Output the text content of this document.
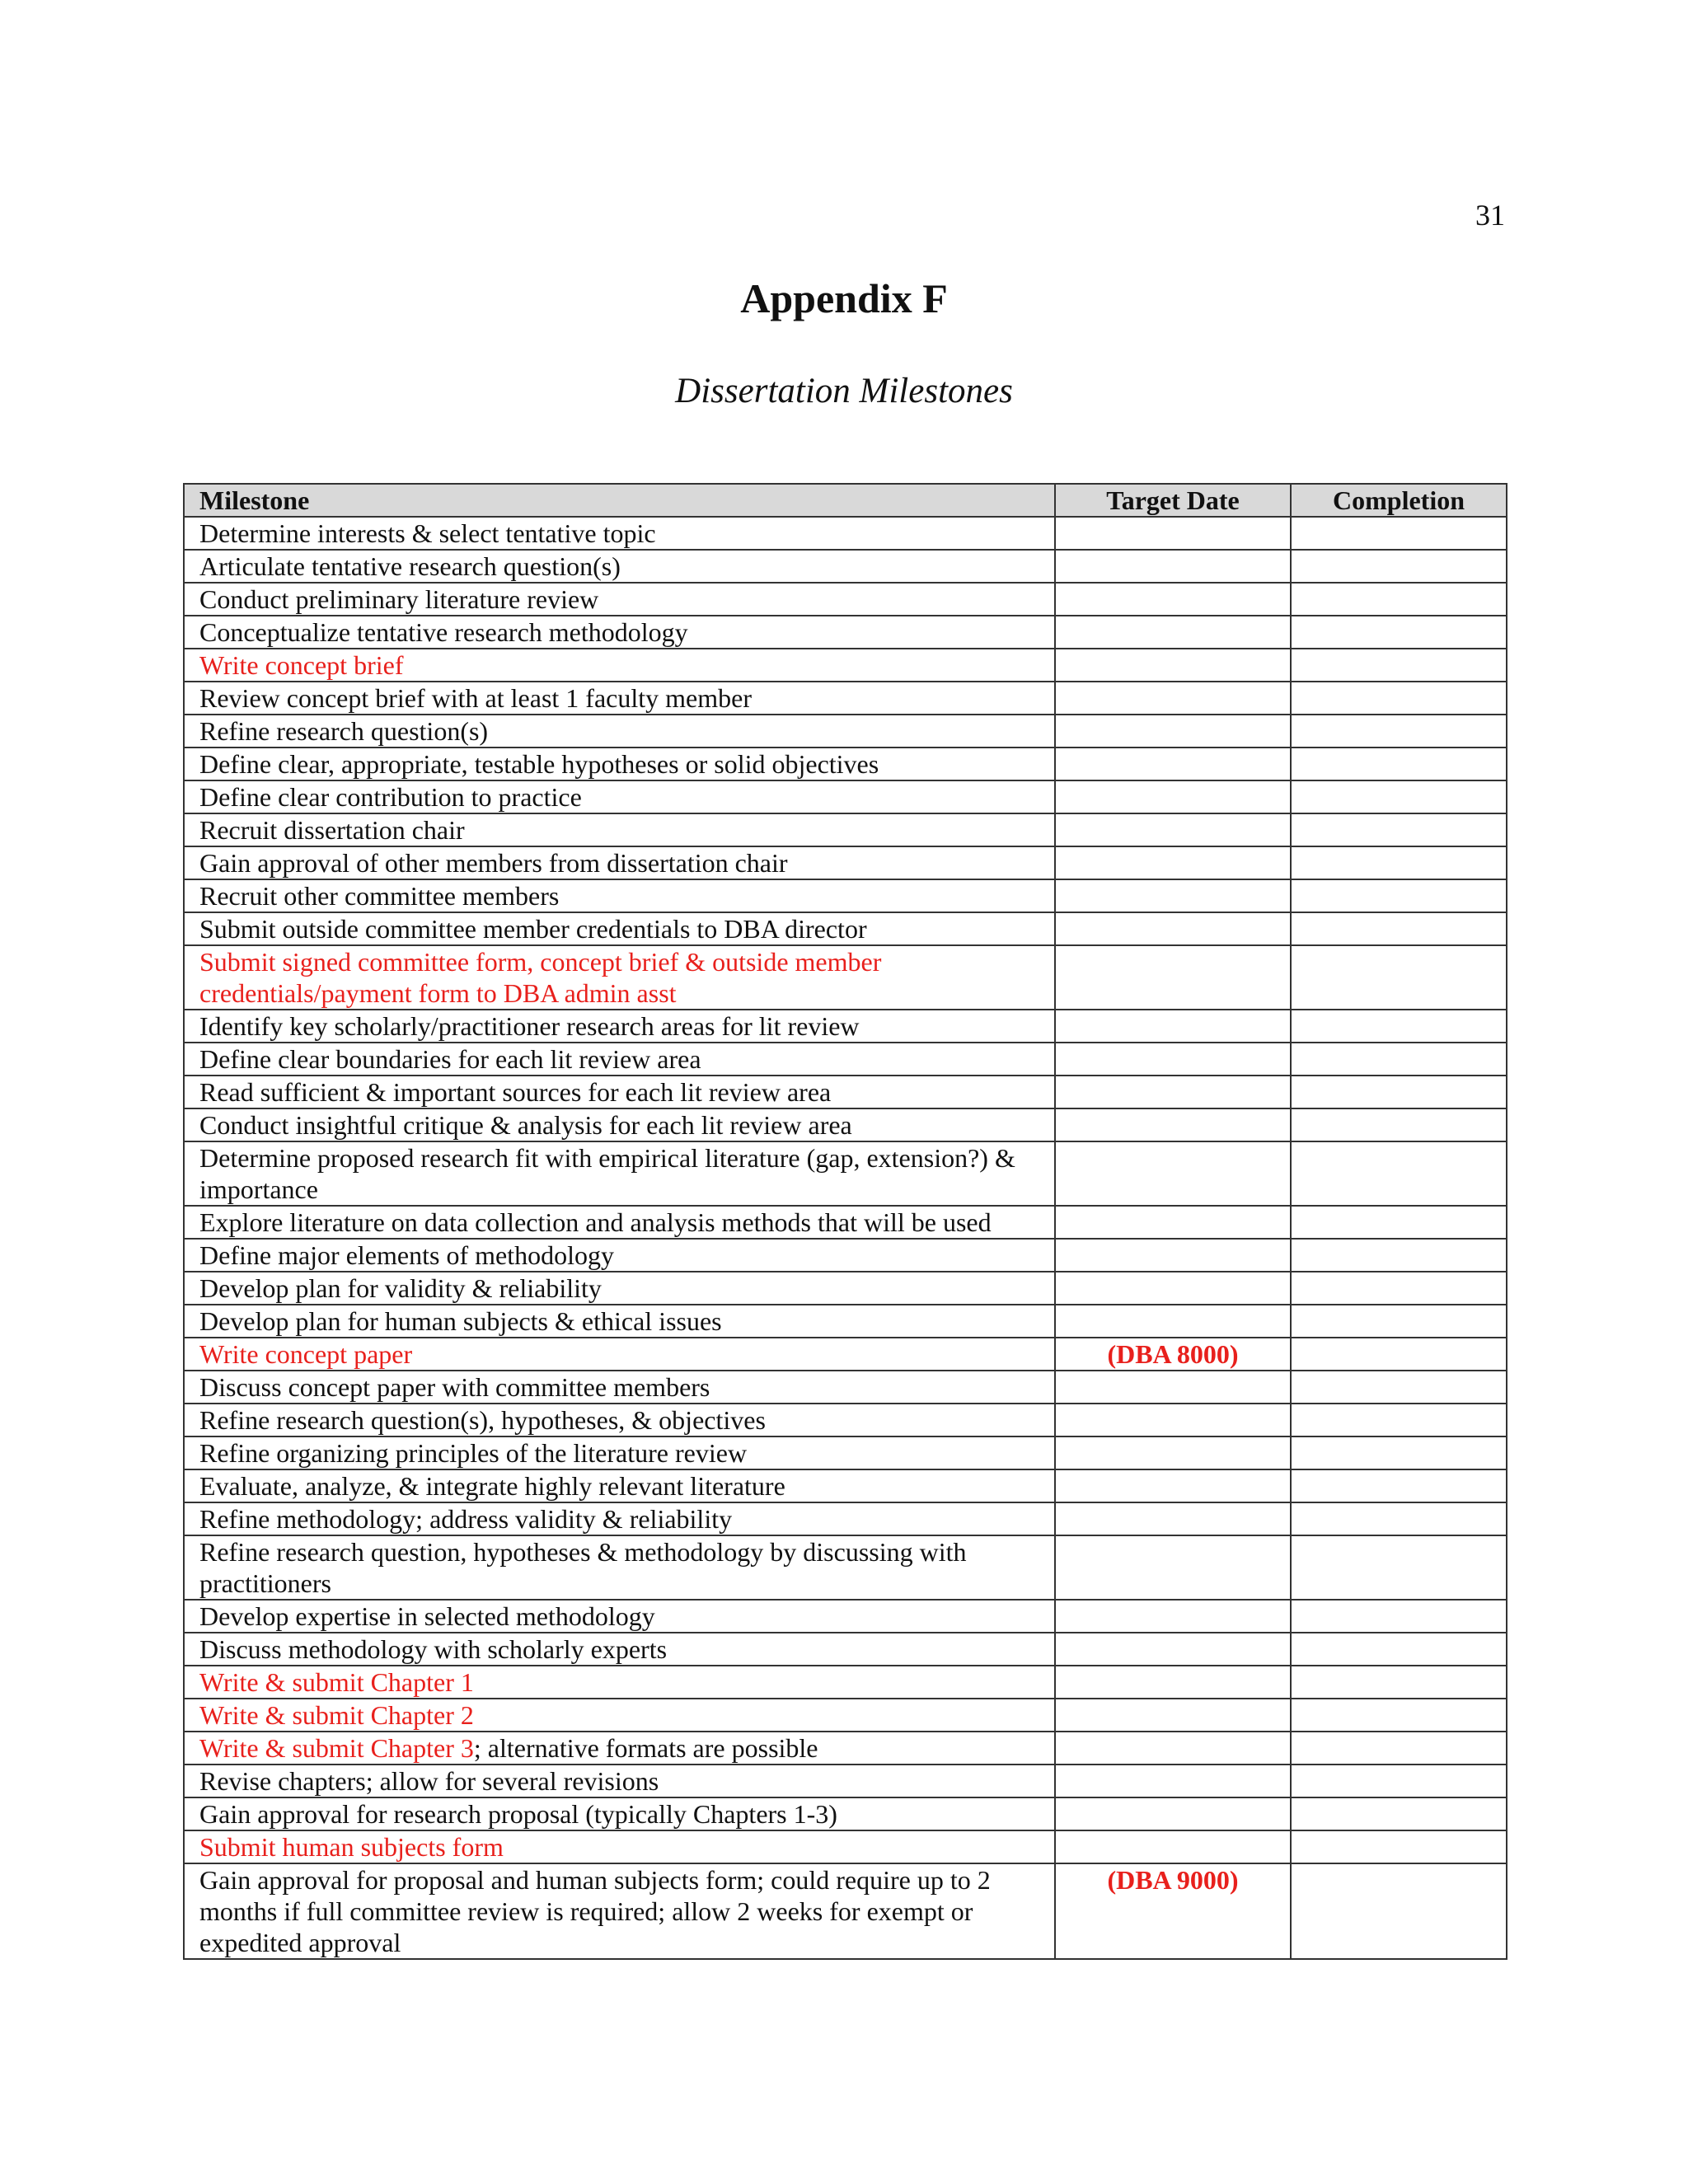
31
Appendix F
Dissertation Milestones
Milestone	Target Date	Completion
Determine interests & select tentative topic		
Articulate tentative research question(s)		
Conduct preliminary literature review		
Conceptualize tentative research methodology		
Write concept brief		
Review concept brief with at least 1 faculty member		
Refine research question(s)		
Define clear, appropriate, testable hypotheses or solid objectives		
Define clear contribution to practice		
Recruit dissertation chair		
Gain approval of other members from dissertation chair		
Recruit other committee members		
Submit outside committee member credentials to DBA director		
Submit signed committee form, concept brief & outside member credentials/payment form to DBA admin asst		
Identify key scholarly/practitioner research areas for lit review		
Define clear boundaries for each lit review area		
Read sufficient & important sources for each lit review area		
Conduct insightful critique & analysis for each lit review area		
Determine proposed research fit with empirical literature (gap, extension?) & importance		
Explore literature on data collection and analysis methods that will be used		
Define major elements of methodology		
Develop plan for validity & reliability		
Develop plan for human subjects & ethical issues		
Write concept paper	(DBA 8000)	
Discuss concept paper with committee members		
Refine research question(s), hypotheses, & objectives		
Refine organizing principles of the literature review		
Evaluate, analyze, & integrate highly relevant literature		
Refine methodology; address validity & reliability		
Refine research question, hypotheses & methodology by discussing with practitioners		
Develop expertise in selected methodology		
Discuss methodology with scholarly experts		
Write & submit Chapter 1		
Write & submit Chapter 2		
Write & submit Chapter 3; alternative formats are possible		
Revise chapters; allow for several revisions		
Gain approval for research proposal (typically Chapters 1-3)		
Submit human subjects form		
Gain approval for proposal and human subjects form; could require up to 2 months if full committee review is required; allow 2 weeks for exempt or expedited approval	(DBA 9000)	
